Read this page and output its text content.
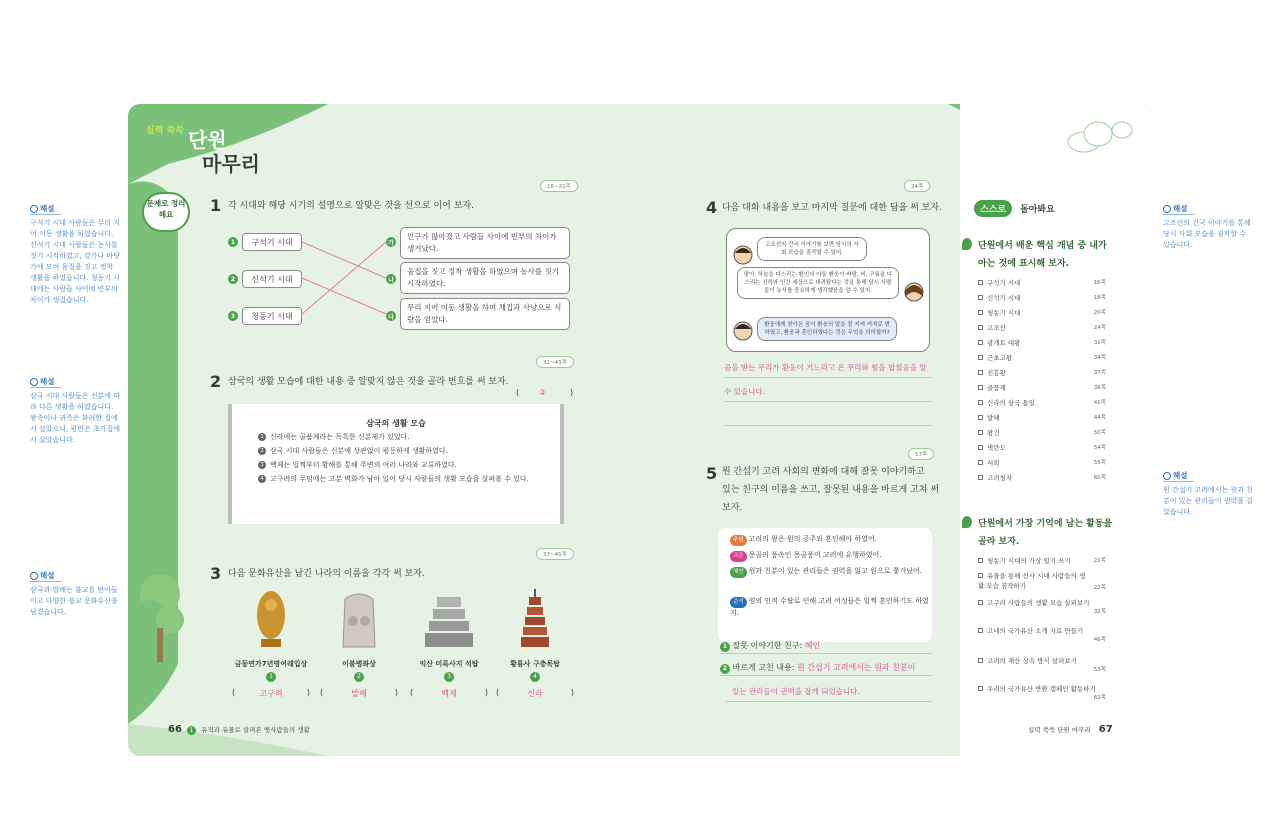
해설
구석기 시대 사람들은 무리 지어 이동 생활을 하였습니다. 신석기 시대 사람들은 농사를 짓기 시작하였고, 강가나 바닷가에 모여 움집을 짓고 정착 생활을 하였습니다. 청동기 시대에는 사람들 사이에 빈부의 차이가 생겼습니다.
해설
삼국 시대 사람들은 신분에 따라 다른 생활을 하였습니다. 왕족이나 귀족은 화려한 집에서 살았으나, 평민은 초가집에서 살았습니다.
해설
삼국과 발해는 불교를 받아들이고 다양한 불교 문화유산을 남겼습니다.
해설
고조선의 건국 이야기를 통해 당시 사회 모습을 짐작할 수 있습니다.
해설
원 간섭기 고려에서는 원과 친분이 있는 관리들이 권력을 잡았습니다.
실력 쑥쑥 단원
마무리
문제로 정리해요	1 각 시대와 해당 시기의 설명으로 알맞은 것을 선으로 이어 보자.
16~21쪽
1	구석기 시대
2	신석기 시대
3	청동기 시대
가
인구가 많아졌고 사람들 사이에 빈부의 차이가 생겨났다.
나
움집을 짓고 정착 생활을 하였으며 농사를 짓기 시작하였다.
다
무리 지어 이동 생활을 하며 채집과 사냥으로 식량을 얻었다.
32~43쪽
2 삼국의 생활 모습에 대한 내용 중 알맞지 않은 것을 골라 번호를 써 보자.
( ②	)
삼국의 생활 모습
1 신라에는 골품제라는 독특한 신분제가 있었다.
2 삼국 시대 사람들은 신분에 상관없이 평등하게 생활하였다.
3 백제는 일찍부터 황해를 통해 주변의 여러 나라와 교류하였다.
4 고구려의 무덤에는 고분 벽화가 남아 있어 당시 사람들의 생활 모습을 살펴볼 수 있다.
33~45쪽
3 다음 문화유산을 남긴 나라의 이름을 각각 써 보자.
금동연가7년명여래입상
1
(	고구려	)
이불병좌상
2
(	발해	)
익산 미륵사지 석탑
3
(	백제	)
황룡사 구층목탑
4
(	신라	)
66 1 유적과 유물로 살펴본 옛사람들의 생활
24쪽
4 다음 대화 내용을 보고 마지막 질문에 대한 답을 써 보자.
고조선의 건국 이야기를 보면 당시의 사회 모습을 짐작할 수 있어.
맞아. 하늘을 다스리는 환인의 아들 환웅이 바람, 비, 구름을 다스리는 신하와 인간 세상으로 내려왔다는 것을 통해 당시 사람들이 농사를 중요하게 생각했음을 알 수 있지.
환웅에게 찾아온 곰이 환웅의 말을 잘 지켜 여자로 변하였고, 환웅과 혼인하였다는 것은 무엇을 의미할까?
곰을 받는 무리가 환웅이 거느리고 온 무리와 힘을 합쳤음을 알
수 있습니다.
57쪽
5 원 간섭기 고려 사회의 변화에 대해 잘못 이야기하고
있는 친구의 이름을 쓰고, 잘못된 내용을 바르게 고쳐 써
보자.
주원 고려의 왕은 원의 공주와 혼인해야 하였어.
교은 몽골의 풍속인 몽골풍이 고려에 유행하였어.
혜인 원과 친분이 있는 관리들은 권력을 잃고 원으로 쫓겨났어.
준석 원의 인적 수탈로 인해 고려 여성들은 일찍 혼인하기도 하였지.
1 잘못 이야기한 친구: 혜인
2 바르게 고친 내용: 원 간섭기 고려에서는 원과 친분이
있는 관리들이 권력을 잡게 되었습니다.
스스로	돌아봐요
단원에서 배운 핵심 개념 중 내가
아는 것에 표시해 보자.
구석기 시대	16쪽
신석기 시대	18쪽
청동기 시대	20쪽
고조선	24쪽
광개토 대왕	31쪽
근초고왕	34쪽
진흥왕	37쪽
골품제	38쪽
신라의 삼국 통일	41쪽
발해	44쪽
왕건	50쪽
벽란도	54쪽
서희	55쪽
고려청자	60쪽
단원에서 가장 기억에 남는 활동을
골라 보자.
청동기 시대의 가상 일기 쓰기	21쪽
유물을 통해 선사 시대 사람들의 생활 모습 짐작하기	22쪽
고구려 사람들의 생활 모습 살펴보기
32쪽
고대의 국가유산 소개 자료 만들기
46쪽
고려의 재산 상속 방식 살펴보기
53쪽
우리의 국가유산 반환 캠페인 활동하기
62쪽
실력 쑥쑥 단원 마무리 67
